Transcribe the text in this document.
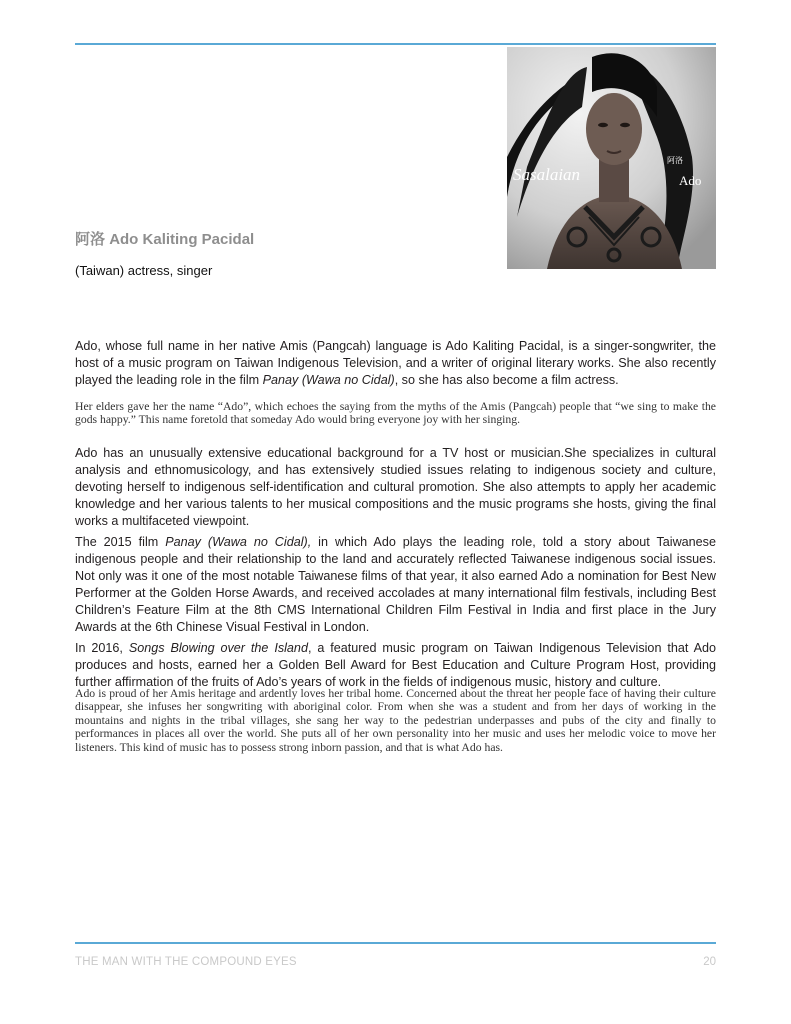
Sasalaian
阿洛
Ado
阿洛 Ado Kaliting Pacidal
(Taiwan) actress, singer

Ado, whose full name in her native Amis (Pangcah) language is Ado Kaliting Pacidal, is a singer-songwriter, the host of a music program on Taiwan Indigenous Television, and a writer of original literary works. She also recently played the leading role in the film Panay (Wawa no Cidal), so she has also become a film actress.

Her elders gave her the name “Ado”, which echoes the saying from the myths of the Amis (Pangcah) people that “we sing to make the gods happy.” This name foretold that someday Ado would bring everyone joy with her singing.

Ado has an unusually extensive educational background for a TV host or musician.She specializes in cultural analysis and ethnomusicology, and has extensively studied issues relating to indigenous society and culture, devoting herself to indigenous self-identification and cultural promotion. She also attempts to apply her academic knowledge and her various talents to her musical compositions and the music programs she hosts, giving the final works a multifaceted viewpoint.

The 2015 film Panay (Wawa no Cidal), in which Ado plays the leading role, told a story about Taiwanese indigenous people and their relationship to the land and accurately reflected Taiwanese indigenous social issues. Not only was it one of the most notable Taiwanese films of that year, it also earned Ado a nomination for Best New Performer at the Golden Horse Awards, and received accolades at many international film festivals, including Best Children’s Feature Film at the 8th CMS International Children Film Festival in India and first place in the Jury Awards at the 6th Chinese Visual Festival in London.

In 2016, Songs Blowing over the Island, a featured music program on Taiwan Indigenous Television that Ado produces and hosts, earned her a Golden Bell Award for Best Education and Culture Program Host, providing further affirmation of the fruits of Ado’s years of work in the fields of indigenous music, history and culture.

Ado is proud of her Amis heritage and ardently loves her tribal home. Concerned about the threat her people face of having their culture disappear, she infuses her songwriting with aboriginal color. From when she was a student and from her days of working in the mountains and nights in the tribal villages, she sang her way to the pedestrian underpasses and pubs of the city and finally to performances in places all over the world. She puts all of her own personality into her music and uses her melodic voice to move her listeners. This kind of music has to possess strong inborn passion, and that is what Ado has.

THE MAN WITH THE COMPOUND EYES	20
